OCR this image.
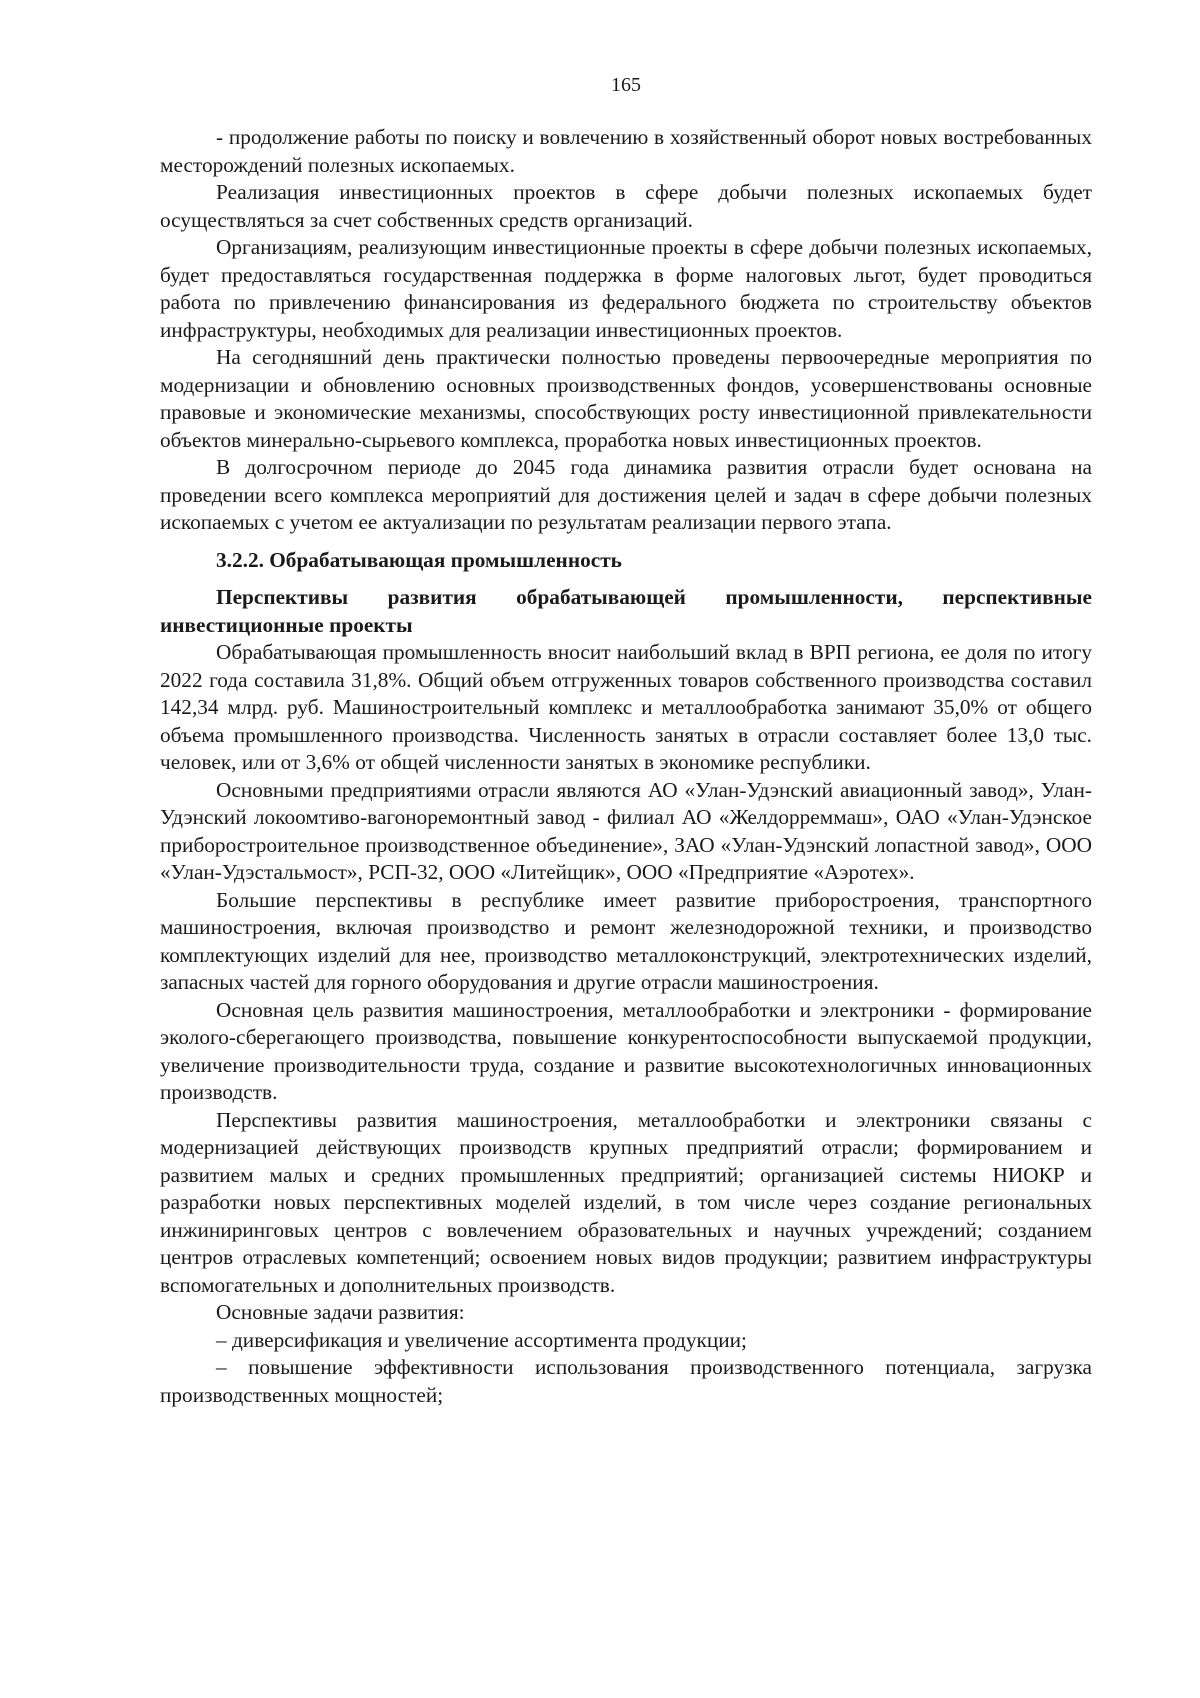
165

- продолжение работы по поиску и вовлечению в хозяйственный оборот новых востребованных месторождений полезных ископаемых.

Реализация инвестиционных проектов в сфере добычи полезных ископаемых будет осуществляться за счет собственных средств организаций.

Организациям, реализующим инвестиционные проекты в сфере добычи полезных ископаемых, будет предоставляться государственная поддержка в форме налоговых льгот, будет проводиться работа по привлечению финансирования из федерального бюджета по строительству объектов инфраструктуры, необходимых для реализации инвестиционных проектов.

На сегодняшний день практически полностью проведены первоочередные мероприятия по модернизации и обновлению основных производственных фондов, усовершенствованы основные правовые и экономические механизмы, способствующих росту инвестиционной привлекательности объектов минерально-сырьевого комплекса, проработка новых инвестиционных проектов.

В долгосрочном периоде до 2045 года динамика развития отрасли будет основана на проведении всего комплекса мероприятий для достижения целей и задач в сфере добычи полезных ископаемых с учетом ее актуализации по результатам реализации первого этапа.

3.2.2. Обрабатывающая промышленность

Перспективы развития обрабатывающей промышленности, перспективные инвестиционные проекты

Обрабатывающая промышленность вносит наибольший вклад в ВРП региона, ее доля по итогу 2022 года составила 31,8%. Общий объем отгруженных товаров собственного производства составил 142,34 млрд. руб. Машиностроительный комплекс и металлообработка занимают 35,0% от общего объема промышленного производства. Численность занятых в отрасли составляет более 13,0 тыс. человек, или от 3,6% от общей численности занятых в экономике республики.

Основными предприятиями отрасли являются АО «Улан-Удэнский авиационный завод», Улан-Удэнский локоомтиво-вагоноремонтный завод - филиал АО «Желдорреммаш», ОАО «Улан-Удэнское приборостроительное производственное объединение», ЗАО «Улан-Удэнский лопастной завод», ООО «Улан-Удэстальмост», РСП-32, ООО «Литейщик», ООО «Предприятие «Аэротех».

Большие перспективы в республике имеет развитие приборостроения, транспортного машиностроения, включая производство и ремонт железнодорожной техники, и производство комплектующих изделий для нее, производство металлоконструкций, электротехнических изделий, запасных частей для горного оборудования и другие отрасли машиностроения.

Основная цель развития машиностроения, металлообработки и электроники - формирование эколого-сберегающего производства, повышение конкурентоспособности выпускаемой продукции, увеличение производительности труда, создание и развитие высокотехнологичных инновационных производств.

Перспективы развития машиностроения, металлообработки и электроники связаны с модернизацией действующих производств крупных предприятий отрасли; формированием и развитием малых и средних промышленных предприятий; организацией системы НИОКР и разработки новых перспективных моделей изделий, в том числе через создание региональных инжиниринговых центров с вовлечением образовательных и научных учреждений; созданием центров отраслевых компетенций; освоением новых видов продукции; развитием инфраструктуры вспомогательных и дополнительных производств.

Основные задачи развития:

– диверсификация и увеличение ассортимента продукции;

– повышение эффективности использования производственного потенциала, загрузка производственных мощностей;
